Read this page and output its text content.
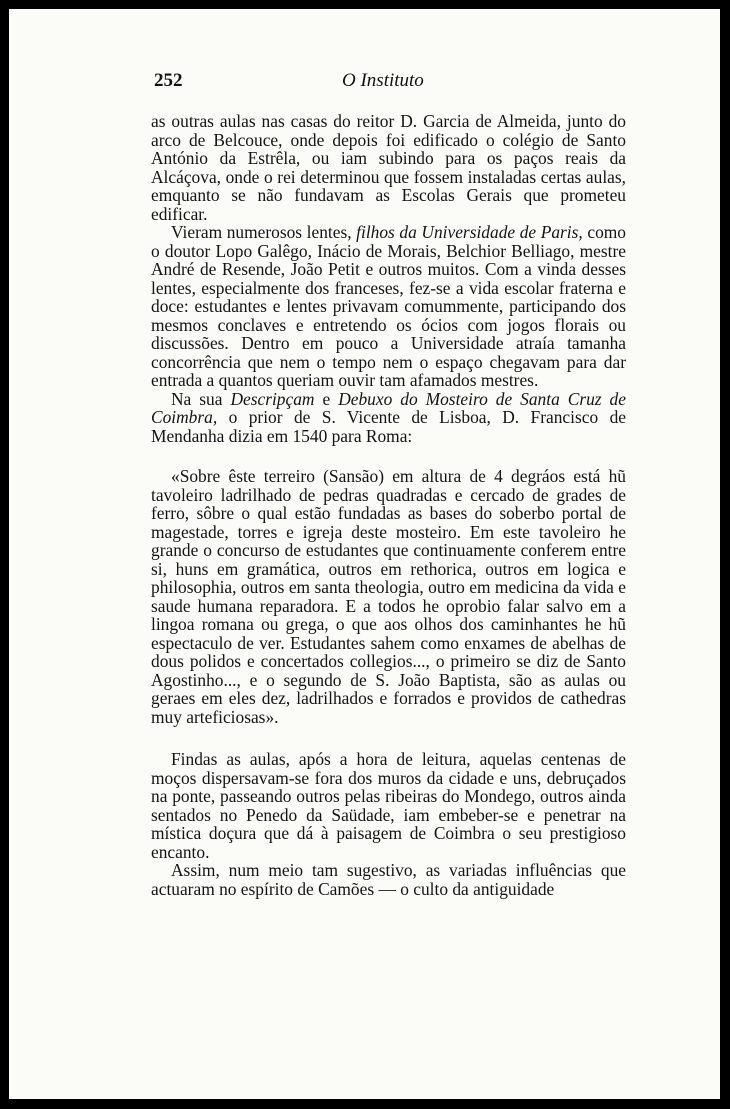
252	O Instituto

as outras aulas nas casas do reitor D. Garcia de Almeida, junto do arco de Belcouce, onde depois foi edificado o colégio de Santo António da Estrêla, ou iam subindo para os paços reais da Alcáçova, onde o rei determinou que fossem instaladas certas aulas, emquanto se não fundavam as Escolas Gerais que prometeu edificar.

Vieram numerosos lentes, filhos da Universidade de Paris, como o doutor Lopo Galêgo, Inácio de Morais, Belchior Belliago, mestre André de Resende, João Petit e outros muitos. Com a vinda desses lentes, especialmente dos franceses, fez-se a vida escolar fraterna e doce: estudantes e lentes privavam comummente, participando dos mesmos conclaves e entretendo os ócios com jogos florais ou discussões. Dentro em pouco a Universidade atraía tamanha concorrência que nem o tempo nem o espaço chegavam para dar entrada a quantos queriam ouvir tam afamados mestres.

Na sua Descripçam e Debuxo do Mosteiro de Santa Cruz de Coimbra, o prior de S. Vicente de Lisboa, D. Francisco de Mendanha dizia em 1540 para Roma:

«Sobre êste terreiro (Sansão) em altura de 4 degráos está hũ tavoleiro ladrilhado de pedras quadradas e cercado de grades de ferro, sôbre o qual estão fundadas as bases do soberbo portal de magestade, torres e igreja deste mosteiro. Em este tavoleiro he grande o concurso de estudantes que continuamente conferem entre si, huns em gramática, outros em rethorica, outros em logica e philosophia, outros em santa theologia, outro em medicina da vida e saude humana reparadora. E a todos he oprobio falar salvo em a lingoa romana ou grega, o que aos olhos dos caminhantes he hũ espectaculo de ver. Estudantes sahem como enxames de abelhas de dous polidos e concertados collegios..., o primeiro se diz de Santo Agostinho..., e o segundo de S. João Baptista, são as aulas ou geraes em eles dez, ladrilhados e forrados e providos de cathedras muy arteficiosas».

Findas as aulas, após a hora de leitura, aquelas centenas de moços dispersavam-se fora dos muros da cidade e uns, debruçados na ponte, passeando outros pelas ribeiras do Mondego, outros ainda sentados no Penedo da Saüdade, iam embeber-se e penetrar na mística doçura que dá à paisagem de Coimbra o seu prestigioso encanto.

Assim, num meio tam sugestivo, as variadas influências que actuaram no espírito de Camões — o culto da antiguidade
